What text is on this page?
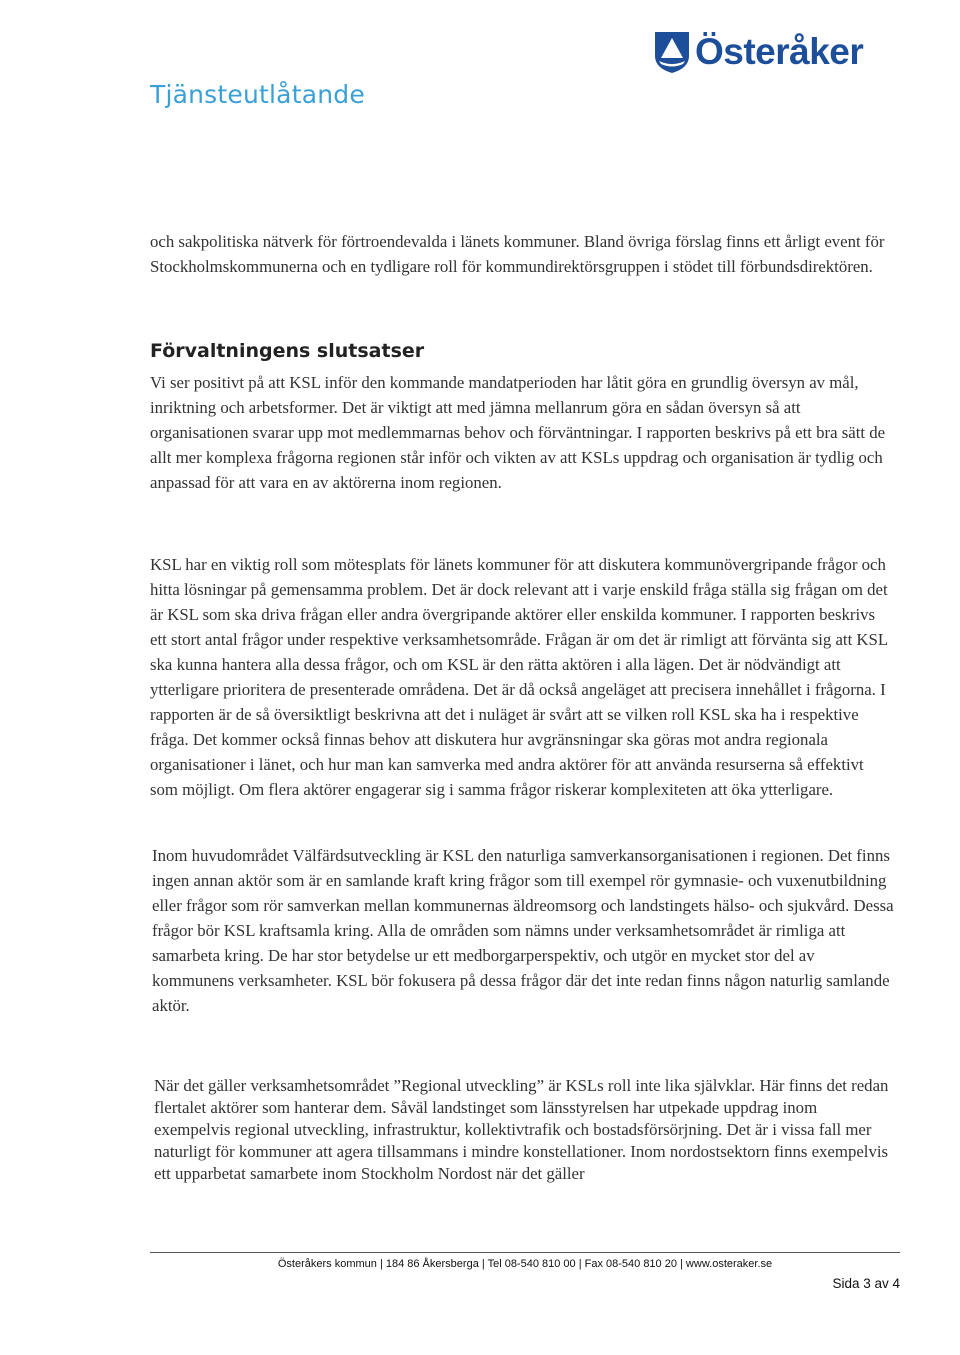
Tjänsteutlåtande
Österåker

och sakpolitiska nätverk för förtroendevalda i länets kommuner. Bland övriga förslag finns ett årligt event för Stockholmskommunerna och en tydligare roll för kommundirektörsgruppen i stödet till förbundsdirektören.

Förvaltningens slutsatser

Vi ser positivt på att KSL inför den kommande mandatperioden har låtit göra en grundlig översyn av mål, inriktning och arbetsformer. Det är viktigt att med jämna mellanrum göra en sådan översyn så att organisationen svarar upp mot medlemmarnas behov och förväntningar. I rapporten beskrivs på ett bra sätt de allt mer komplexa frågorna regionen står inför och vikten av att KSLs uppdrag och organisation är tydlig och anpassad för att vara en av aktörerna inom regionen.

KSL har en viktig roll som mötesplats för länets kommuner för att diskutera kommunövergripande frågor och hitta lösningar på gemensamma problem. Det är dock relevant att i varje enskild fråga ställa sig frågan om det är KSL som ska driva frågan eller andra övergripande aktörer eller enskilda kommuner. I rapporten beskrivs ett stort antal frågor under respektive verksamhetsområde. Frågan är om det är rimligt att förvänta sig att KSL ska kunna hantera alla dessa frågor, och om KSL är den rätta aktören i alla lägen. Det är nödvändigt att ytterligare prioritera de presenterade områdena. Det är då också angeläget att precisera innehållet i frågorna. I rapporten är de så översiktligt beskrivna att det i nuläget är svårt att se vilken roll KSL ska ha i respektive fråga. Det kommer också finnas behov att diskutera hur avgränsningar ska göras mot andra regionala organisationer i länet, och hur man kan samverka med andra aktörer för att använda resurserna så effektivt som möjligt. Om flera aktörer engagerar sig i samma frågor riskerar komplexiteten att öka ytterligare.

Inom huvudområdet Välfärdsutveckling är KSL den naturliga samverkansorganisationen i regionen. Det finns ingen annan aktör som är en samlande kraft kring frågor som till exempel rör gymnasie- och vuxenutbildning eller frågor som rör samverkan mellan kommunernas äldreomsorg och landstingets hälso- och sjukvård. Dessa frågor bör KSL kraftsamla kring. Alla de områden som nämns under verksamhetsområdet är rimliga att samarbeta kring. De har stor betydelse ur ett medborgarperspektiv, och utgör en mycket stor del av kommunens verksamheter. KSL bör fokusera på dessa frågor där det inte redan finns någon naturlig samlande aktör.

När det gäller verksamhetsområdet ”Regional utveckling” är KSLs roll inte lika självklar. Här finns det redan flertalet aktörer som hanterar dem. Såväl landstinget som länsstyrelsen har utpekade uppdrag inom exempelvis regional utveckling, infrastruktur, kollektivtrafik och bostadsförsörjning. Det är i vissa fall mer naturligt för kommuner att agera tillsammans i mindre konstellationer. Inom nordostsektorn finns exempelvis ett upparbetat samarbete inom Stockholm Nordost när det gäller

Österåkers kommun | 184 86 Åkersberga | Tel 08-540 810 00 | Fax 08-540 810 20 | www.osteraker.se
Sida 3 av 4
